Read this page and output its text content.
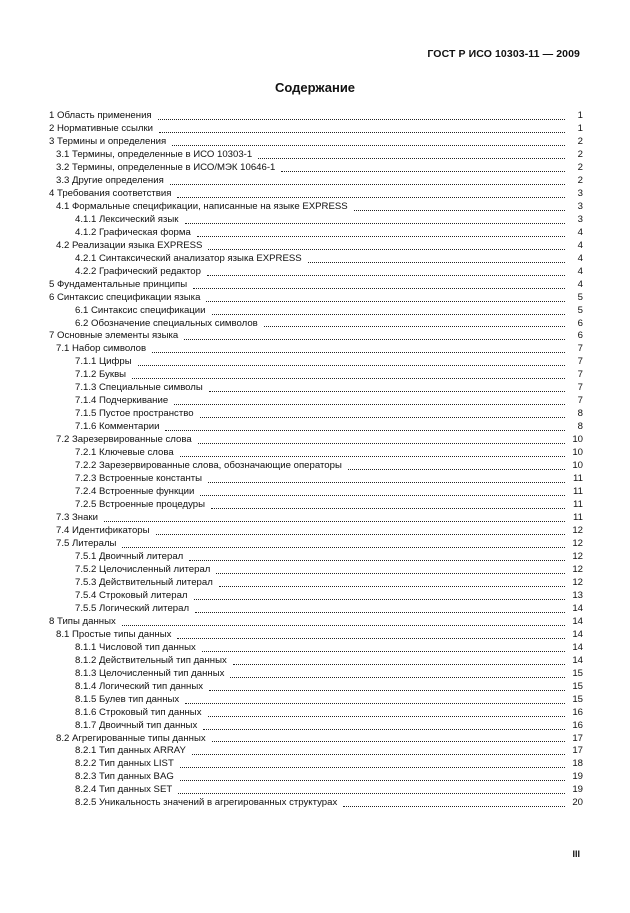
ГОСТ Р ИСО 10303-11 — 2009
Содержание
1 Область применения	1
2 Нормативные ссылки	1
3 Термины и определения	2
3.1 Термины, определенные в ИСО 10303-1	2
3.2 Термины, определенные в ИСО/МЭК 10646-1	2
3.3 Другие определения	2
4 Требования соответствия	3
4.1 Формальные спецификации, написанные на языке EXPRESS	3
4.1.1 Лексический язык	3
4.1.2 Графическая форма	4
4.2 Реализации языка EXPRESS	4
4.2.1 Синтаксический анализатор языка EXPRESS	4
4.2.2 Графический редактор	4
5 Фундаментальные принципы	4
6 Синтаксис спецификации языка	5
6.1 Синтаксис спецификации	5
6.2 Обозначение специальных символов	6
7 Основные элементы языка	6
7.1 Набор символов	7
7.1.1 Цифры	7
7.1.2 Буквы	7
7.1.3 Специальные символы	7
7.1.4 Подчеркивание	7
7.1.5 Пустое пространство	8
7.1.6 Комментарии	8
7.2 Зарезервированные слова	10
7.2.1 Ключевые слова	10
7.2.2 Зарезервированные слова, обозначающие операторы	10
7.2.3 Встроенные константы	11
7.2.4 Встроенные функции	11
7.2.5 Встроенные процедуры	11
7.3 Знаки	11
7.4 Идентификаторы	12
7.5 Литералы	12
7.5.1 Двоичный литерал	12
7.5.2 Целочисленный литерал	12
7.5.3 Действительный литерал	12
7.5.4 Строковый литерал	13
7.5.5 Логический литерал	14
8 Типы данных	14
8.1 Простые типы данных	14
8.1.1 Числовой тип данных	14
8.1.2 Действительный тип данных	14
8.1.3 Целочисленный тип данных	15
8.1.4 Логический тип данных	15
8.1.5 Булев тип данных	15
8.1.6 Строковый тип данных	16
8.1.7 Двоичный тип данных	16
8.2 Агрегированные типы данных	17
8.2.1 Тип данных ARRAY	17
8.2.2 Тип данных LIST	18
8.2.3 Тип данных BAG	19
8.2.4 Тип данных SET	19
8.2.5 Уникальность значений в агрегированных структурах	20
III
